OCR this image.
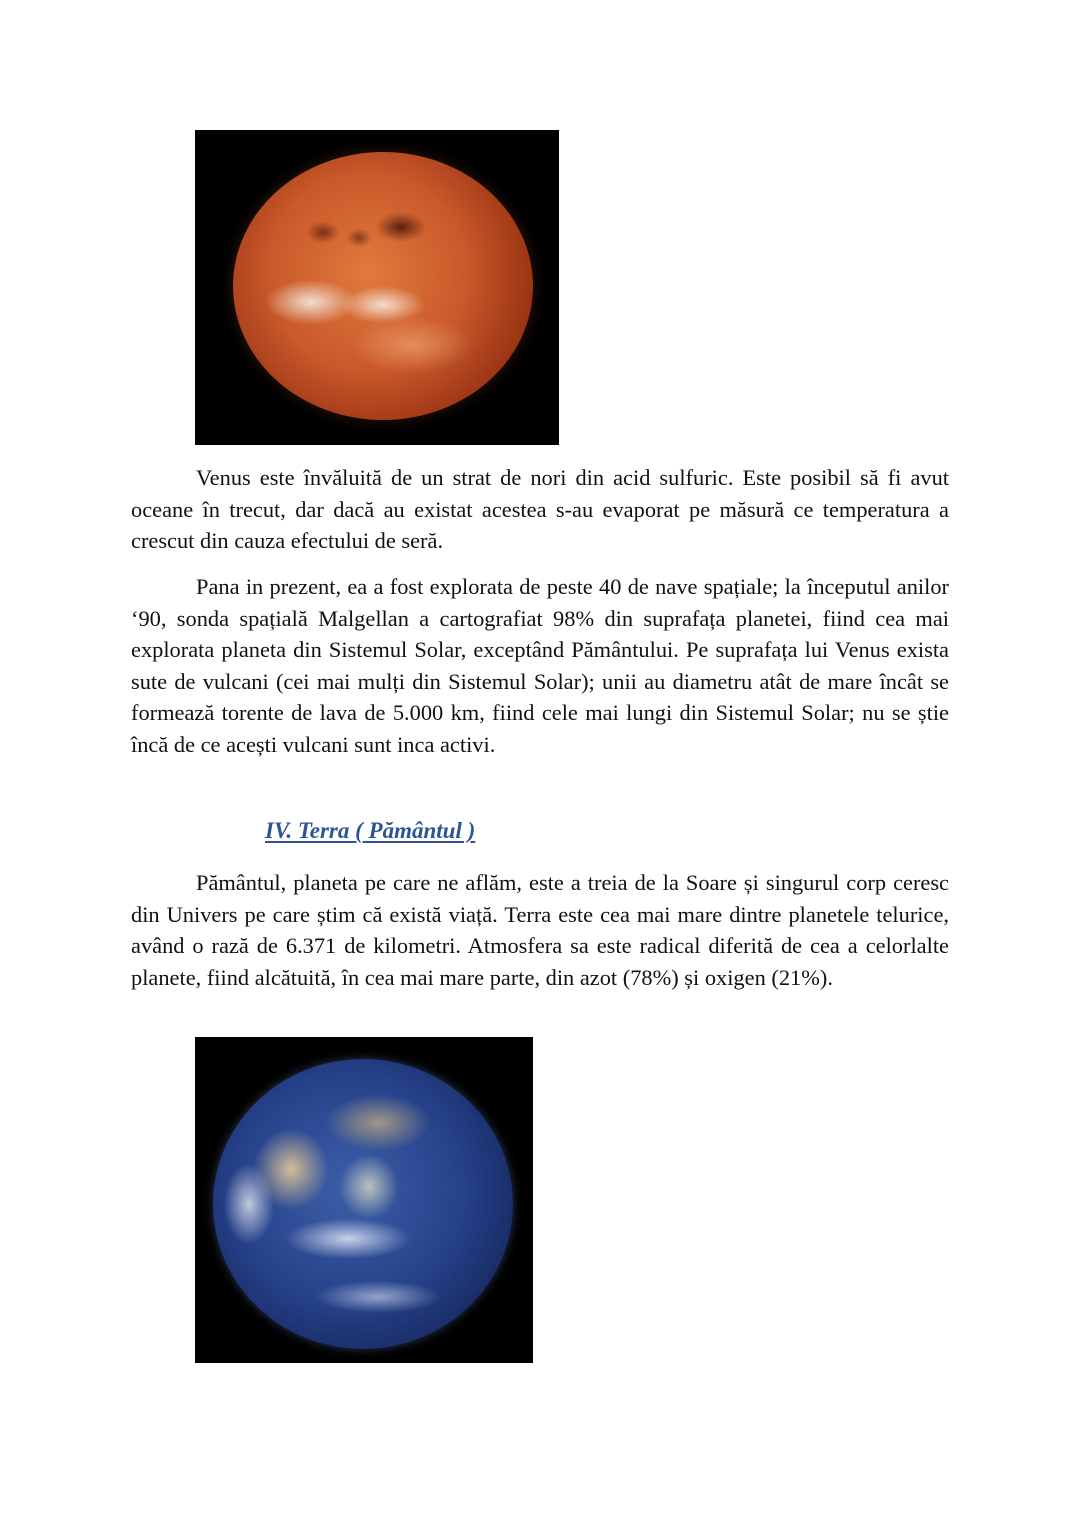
Venus este învăluită de un strat de nori din acid sulfuric. Este posibil să fi avut oceane în trecut, dar dacă au existat acestea s-au evaporat pe măsură ce temperatura a crescut din cauza efectului de seră.

Pana in prezent, ea a fost explorata de peste 40 de nave spațiale; la începutul anilor ‘90, sonda spațială Malgellan a cartografiat 98% din suprafața planetei, fiind cea mai explorata planeta din Sistemul Solar, exceptând Pământului. Pe suprafața lui Venus exista sute de vulcani (cei mai mulți din Sistemul Solar); unii au diametru atât de mare încât se formează torente de lava de 5.000 km, fiind cele mai lungi din Sistemul Solar; nu se știe încă de ce acești vulcani sunt inca activi.

IV. Terra ( Pământul )

Pământul, planeta pe care ne aflăm, este a treia de la Soare și singurul corp ceresc din Univers pe care știm că există viață. Terra este cea mai mare dintre planetele telurice, având o rază de 6.371 de kilometri. Atmosfera sa este radical diferită de cea a celorlalte planete, fiind alcătuită, în cea mai mare parte, din azot (78%) și oxigen (21%).
